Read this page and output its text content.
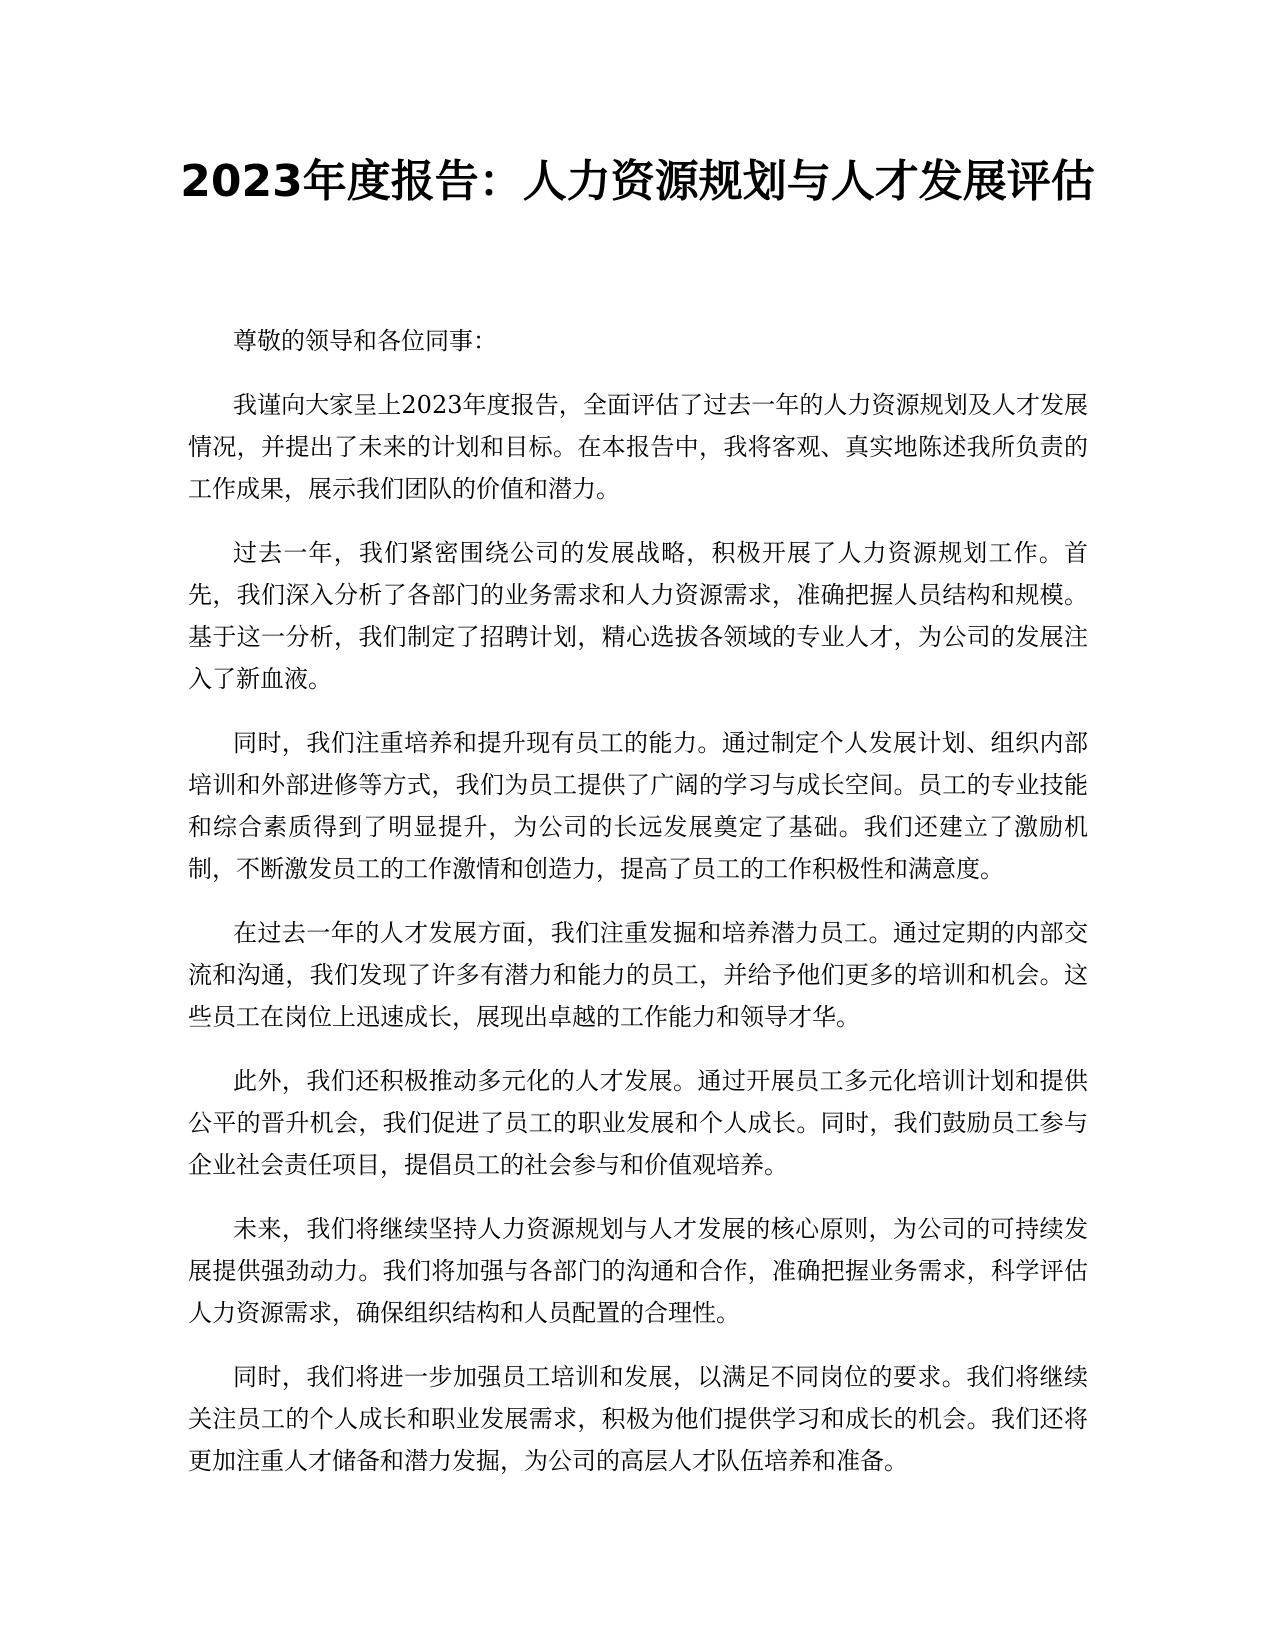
2023年度报告：人力资源规划与人才发展评估

尊敬的领导和各位同事：

我谨向大家呈上2023年度报告，全面评估了过去一年的人力资源规划及人才发展情况，并提出了未来的计划和目标。在本报告中，我将客观、真实地陈述我所负责的工作成果，展示我们团队的价值和潜力。

过去一年，我们紧密围绕公司的发展战略，积极开展了人力资源规划工作。首先，我们深入分析了各部门的业务需求和人力资源需求，准确把握人员结构和规模。基于这一分析，我们制定了招聘计划，精心选拔各领域的专业人才，为公司的发展注入了新血液。

同时，我们注重培养和提升现有员工的能力。通过制定个人发展计划、组织内部培训和外部进修等方式，我们为员工提供了广阔的学习与成长空间。员工的专业技能和综合素质得到了明显提升，为公司的长远发展奠定了基础。我们还建立了激励机制，不断激发员工的工作激情和创造力，提高了员工的工作积极性和满意度。

在过去一年的人才发展方面，我们注重发掘和培养潜力员工。通过定期的内部交流和沟通，我们发现了许多有潜力和能力的员工，并给予他们更多的培训和机会。这些员工在岗位上迅速成长，展现出卓越的工作能力和领导才华。

此外，我们还积极推动多元化的人才发展。通过开展员工多元化培训计划和提供公平的晋升机会，我们促进了员工的职业发展和个人成长。同时，我们鼓励员工参与企业社会责任项目，提倡员工的社会参与和价值观培养。

未来，我们将继续坚持人力资源规划与人才发展的核心原则，为公司的可持续发展提供强劲动力。我们将加强与各部门的沟通和合作，准确把握业务需求，科学评估人力资源需求，确保组织结构和人员配置的合理性。

同时，我们将进一步加强员工培训和发展，以满足不同岗位的要求。我们将继续关注员工的个人成长和职业发展需求，积极为他们提供学习和成长的机会。我们还将更加注重人才储备和潜力发掘，为公司的高层人才队伍培养和准备。
